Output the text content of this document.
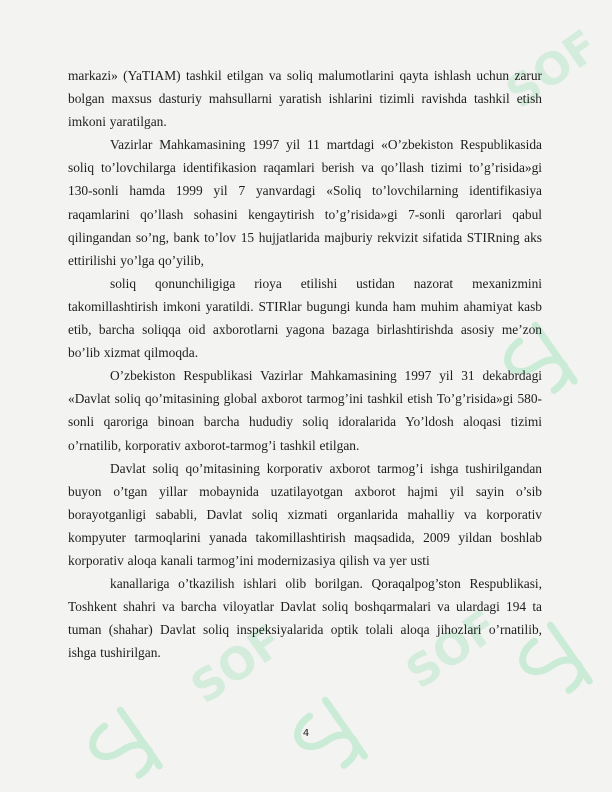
SOF SOF
SOF

markazi» (YaTIAM) tashkil etilgan va soliq malumotlarini qayta ishlash uchun zarur bolgan maxsus dasturiy mahsullarni yaratish ishlarini tizimli ravishda tashkil etish imkoni yaratilgan.

Vazirlar Mahkamasining 1997 yil 11 martdagi «O’zbekiston Respublikasida soliq to’lovchilarga identifikasion raqamlari berish va qo’llash tizimi to’g’risida»gi 130-sonli hamda 1999 yil 7 yanvardagi «Soliq to’lovchilarning identifikasiya raqamlarini qo’llash sohasini kengaytirish to’g’risida»gi 7-sonli qarorlari qabul qilingandan so’ng, bank to’lov 15 hujjatlarida majburiy rekvizit sifatida STIRning aks ettirilishi yo’lga qo’yilib,

soliq qonunchiligiga rioya etilishi ustidan nazorat mexanizmini takomillashtirish imkoni yaratildi. STIRlar bugungi kunda ham muhim ahamiyat kasb etib, barcha soliqqa oid axborotlarni yagona bazaga birlashtirishda asosiy me’zon bo’lib xizmat qilmoqda.

O’zbekiston Respublikasi Vazirlar Mahkamasining 1997 yil 31 dekabrdagi «Davlat soliq qo’mitasining global axborot tarmog’ini tashkil etish To’g’risida»gi 580-sonli qaroriga binoan barcha hududiy soliq idoralarida Yo’ldosh aloqasi tizimi o’rnatilib, korporativ axborot-tarmog’i tashkil etilgan.

Davlat soliq qo’mitasining korporativ axborot tarmog’i ishga tushirilgandan buyon o’tgan yillar mobaynida uzatilayotgan axborot hajmi yil sayin o’sib borayotganligi sababli, Davlat soliq xizmati organlarida mahalliy va korporativ kompyuter tarmoqlarini yanada takomillashtirish maqsadida, 2009 yildan boshlab korporativ aloqa kanali tarmog’ini modernizasiya qilish va yer usti

kanallariga o’tkazilish ishlari olib borilgan. Qoraqalpog’ston Respublikasi, Toshkent shahri va barcha viloyatlar Davlat soliq boshqarmalari va ulardagi 194 ta tuman (shahar) Davlat soliq inspeksiyalarida optik tolali aloqa jihozlari o’rnatilib, ishga tushirilgan.

4
